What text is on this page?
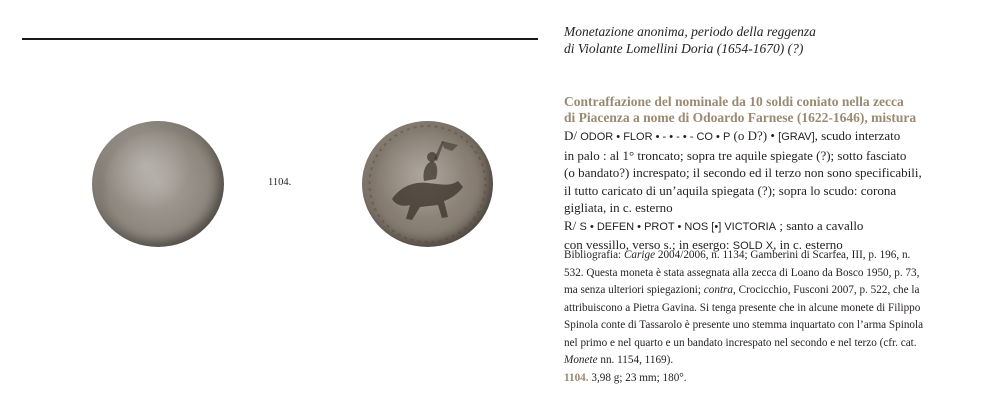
1104.
Monetazione anonima, periodo della reggenza
di Violante Lomellini Doria (1654-1670) (?)
Contraffazione del nominale da 10 soldi coniato nella zecca
di Piacenza a nome di Odoardo Farnese (1622-1646), mistura
D/ ODOR • FLOR • - • - • - CO • P (o D?) • [GRAV], scudo interzato
in palo : al 1° troncato; sopra tre aquile spiegate (?); sotto fasciato
(o bandato?) increspato; il secondo ed il terzo non sono specificabili,
il tutto caricato di un’aquila spiegata (?); sopra lo scudo: corona
gigliata, in c. esterno
R/ S • DEFEN • PROT • NOS [•] VICTORIA ; santo a cavallo
con vessillo, verso s.; in esergo: SOLD X, in c. esterno
Bibliografia: Carige 2004/2006, n. 1134; Gamberini di Scarfea, III, p. 196, n.
532. Questa moneta è stata assegnata alla zecca di Loano da Bosco 1950, p. 73,
ma senza ulteriori spiegazioni; contra, Crocicchio, Fusconi 2007, p. 522, che la
attribuiscono a Pietra Gavina. Si tenga presente che in alcune monete di Filippo
Spinola conte di Tassarolo è presente uno stemma inquartato con l’arma Spinola
nel primo e nel quarto e un bandato increspato nel secondo e nel terzo (cfr. cat.
Monete nn. 1154, 1169).
1104. 3,98 g; 23 mm; 180°.
